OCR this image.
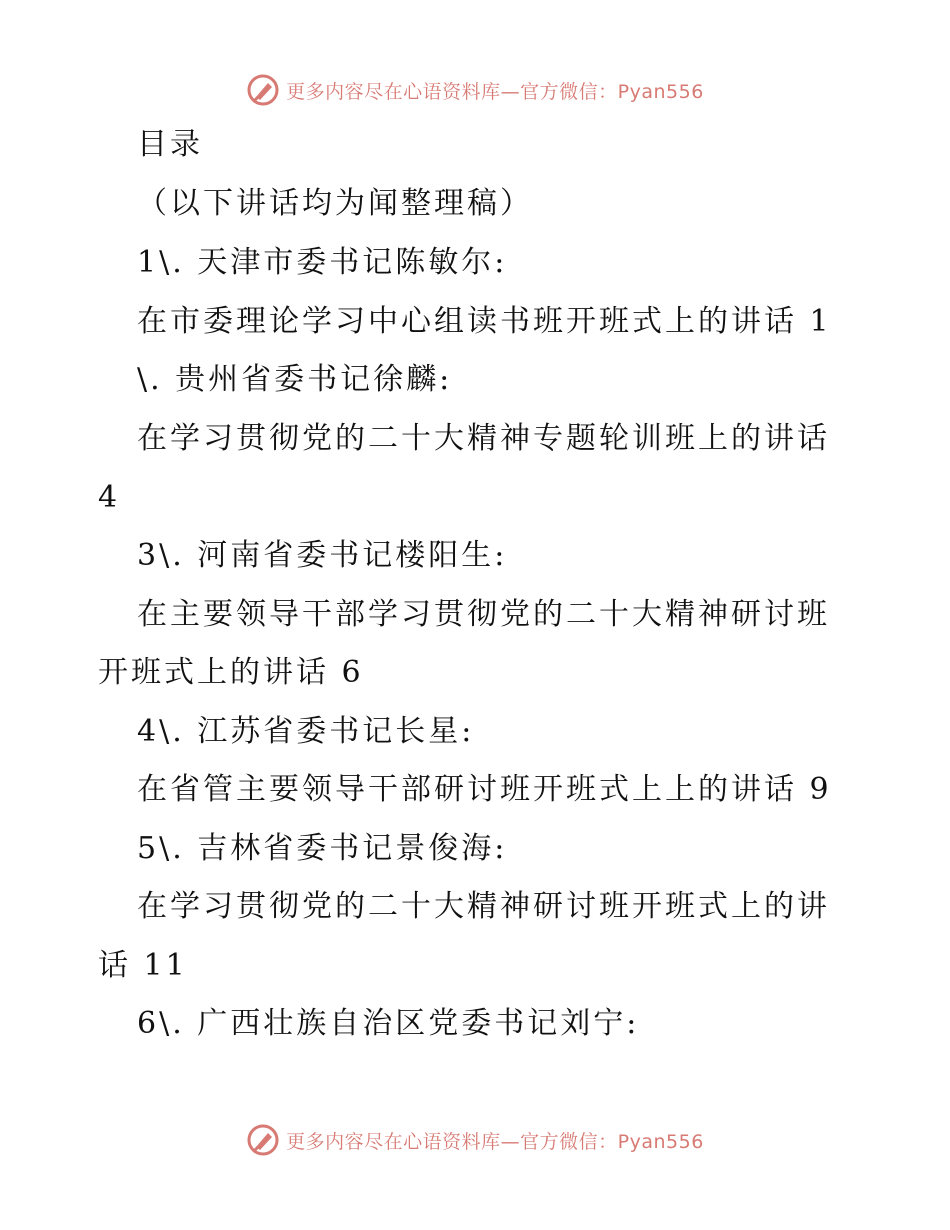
更多内容尽在心语资料库—官方微信：Pyan556
目录
（以下讲话均为闻整理稿）
1\. 天津市委书记陈敏尔:
在市委理论学习中心组读书班开班式上的讲话 1
\. 贵州省委书记徐麟:
在学习贯彻党的二十大精神专题轮训班上的讲话
4
3\. 河南省委书记楼阳生:
在主要领导干部学习贯彻党的二十大精神研讨班
开班式上的讲话 6
4\. 江苏省委书记长星:
在省管主要领导干部研讨班开班式上上的讲话 9
5\. 吉林省委书记景俊海:
在学习贯彻党的二十大精神研讨班开班式上的讲
话 11
6\. 广西壮族自治区党委书记刘宁:
更多内容尽在心语资料库—官方微信：Pyan556
